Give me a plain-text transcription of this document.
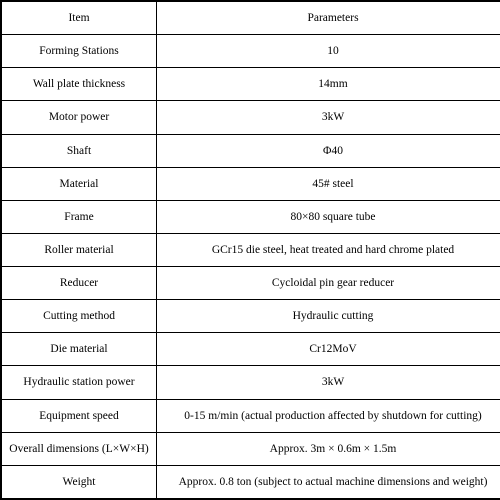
Item	Parameters
Forming Stations	10
Wall plate thickness	14mm
Motor power	3kW
Shaft	Φ40
Material	45# steel
Frame	80×80 square tube
Roller material	GCr15 die steel, heat treated and hard chrome plated
Reducer	Cycloidal pin gear reducer
Cutting method	Hydraulic cutting
Die material	Cr12MoV
Hydraulic station power	3kW
Equipment speed	0-15 m/min (actual production affected by shutdown for cutting)
Overall dimensions (L×W×H)	Approx. 3m × 0.6m × 1.5m
Weight	Approx. 0.8 ton (subject to actual machine dimensions and weight)
